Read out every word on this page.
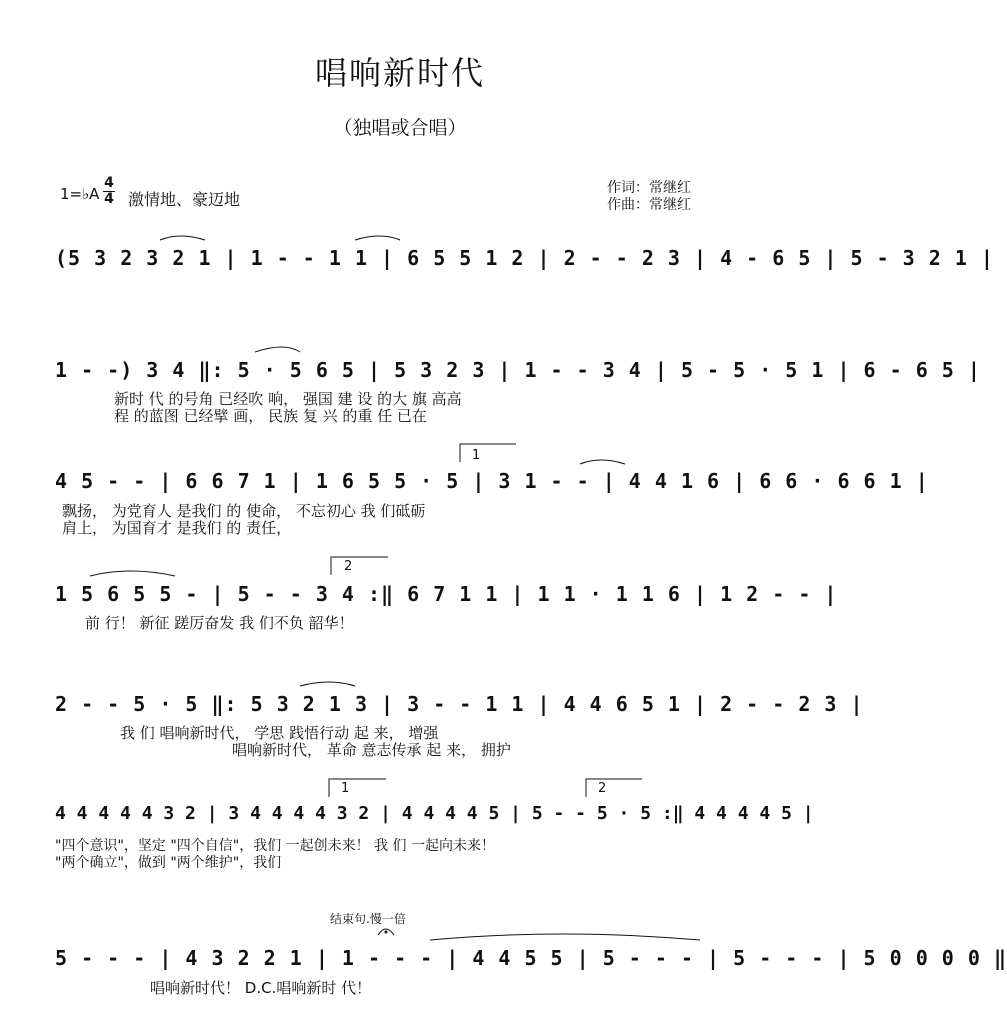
唱响新时代
（独唱或合唱）
1=♭A
4
4 激情地、豪迈地
作词：常继红
作曲：常继红
(5 3 2 3 2 1 | 1 - - 1 1 | 6 5 5 1 2 | 2 - - 2 3 | 4 - 6 5 | 5 - 3 2 1 |
1 - -) 3 4 ‖: 5 · 5 6 5 | 5 3 2 3 | 1 - - 3 4 | 5 - 5 · 5 1 | 6 - 6 5 |
新时 代 的号角 已经吹 响， 强国 建 设 的大 旗 高高
程 的蓝图 已经擘 画， 民族 复 兴 的重 任 已在
1
4 5 - - | 6 6 7 1 | 1 6 5 5 · 5 | 3 1 - - | 4 4 1 6 | 6 6 · 6 6 1 |
飘扬， 为党育人 是我们 的 使命， 不忘初心 我 们砥砺
肩上， 为国育才 是我们 的 责任，
2
1 5 6 5 5 - | 5 - - 3 4 :‖ 6 7 1 1 | 1 1 · 1 1 6 | 1 2 - - |
前 行！ 新征 蹉厉奋发 我 们不负 韶华！
2 - - 5 · 5 ‖: 5 3 2 1 3 | 3 - - 1 1 | 4 4 6 5 1 | 2 - - 2 3 |
我 们 唱响新时代， 学思 践悟行动 起 来， 增强
唱响新时代， 革命 意志传承 起 来， 拥护
1	2
4 4 4 4 4 3 2 | 3 4 4 4 4 3 2 | 4 4 4 4 5 | 5 - - 5 · 5 :‖ 4 4 4 4 5 |
"四个意识"，坚定 "四个自信"，我们 一起创未来！ 我 们 一起向未来！
"两个确立"，做到 "两个维护"，我们
结束句.慢一倍
5 - - - | 4 3 2 2 1 | 1 - - - | 4 4 5 5 | 5 - - - | 5 - - - | 5 0 0 0 0 ‖
唱响新时代！ D.C.唱响新时 代！
